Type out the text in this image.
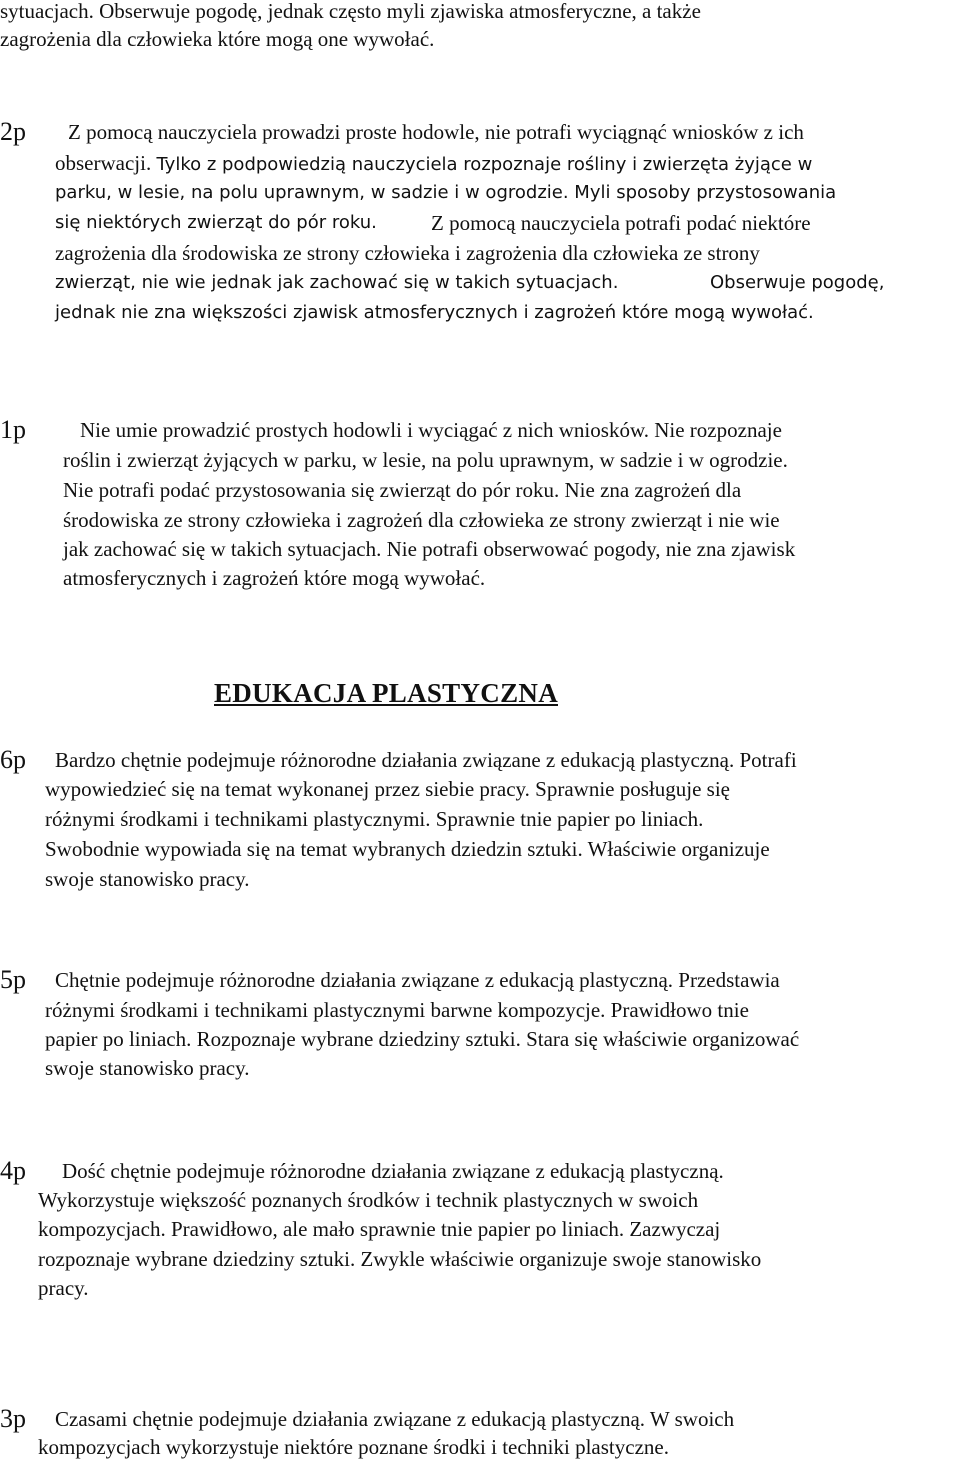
sytuacjach. Obserwuje pogodę, jednak często myli zjawiska atmosferyczne, a także
zagrożenia dla człowieka które mogą one wywołać.
2p Z pomocą nauczyciela prowadzi proste hodowle, nie potrafi wyciągnąć wniosków z ich
obserwacji. Tylko z podpowiedzią nauczyciela rozpoznaje rośliny i zwierzęta żyjące w
parku, w lesie, na polu uprawnym, w sadzie i w ogrodzie. Myli sposoby przystosowania
się niektórych zwierząt do pór roku.	Z pomocą nauczyciela potrafi podać niektóre
zagrożenia dla środowiska ze strony człowieka i zagrożenia dla człowieka ze strony
zwierząt, nie wie jednak jak zachować się w takich sytuacjach.	Obserwuje pogodę,
jednak nie zna większości zjawisk atmosferycznych i zagrożeń które mogą wywołać.
1p	Nie umie prowadzić prostych hodowli i wyciągać z nich wniosków. Nie rozpoznaje
roślin i zwierząt żyjących w parku, w lesie, na polu uprawnym, w sadzie i w ogrodzie.
Nie potrafi podać przystosowania się zwierząt do pór roku. Nie zna zagrożeń dla
środowiska ze strony człowieka i zagrożeń dla człowieka ze strony zwierząt i nie wie
jak zachować się w takich sytuacjach. Nie potrafi obserwować pogody, nie zna zjawisk
atmosferycznych i zagrożeń które mogą wywołać.
EDUKACJA PLASTYCZNA
6p Bardzo chętnie podejmuje różnorodne działania związane z edukacją plastyczną. Potrafi
wypowiedzieć się na temat wykonanej przez siebie pracy. Sprawnie posługuje się
różnymi środkami i technikami plastycznymi. Sprawnie tnie papier po liniach.
Swobodnie wypowiada się na temat wybranych dziedzin sztuki. Właściwie organizuje
swoje stanowisko pracy.
5p Chętnie podejmuje różnorodne działania związane z edukacją plastyczną. Przedstawia
różnymi środkami i technikami plastycznymi barwne kompozycje. Prawidłowo tnie
papier po liniach. Rozpoznaje wybrane dziedziny sztuki. Stara się właściwie organizować
swoje stanowisko pracy.
4p Dość chętnie podejmuje różnorodne działania związane z edukacją plastyczną.
Wykorzystuje większość poznanych środków i technik plastycznych w swoich
kompozycjach. Prawidłowo, ale mało sprawnie tnie papier po liniach. Zazwyczaj
rozpoznaje wybrane dziedziny sztuki. Zwykle właściwie organizuje swoje stanowisko
pracy.
3p Czasami chętnie podejmuje działania związane z edukacją plastyczną. W swoich
kompozycjach wykorzystuje niektóre poznane środki i techniki plastyczne.
